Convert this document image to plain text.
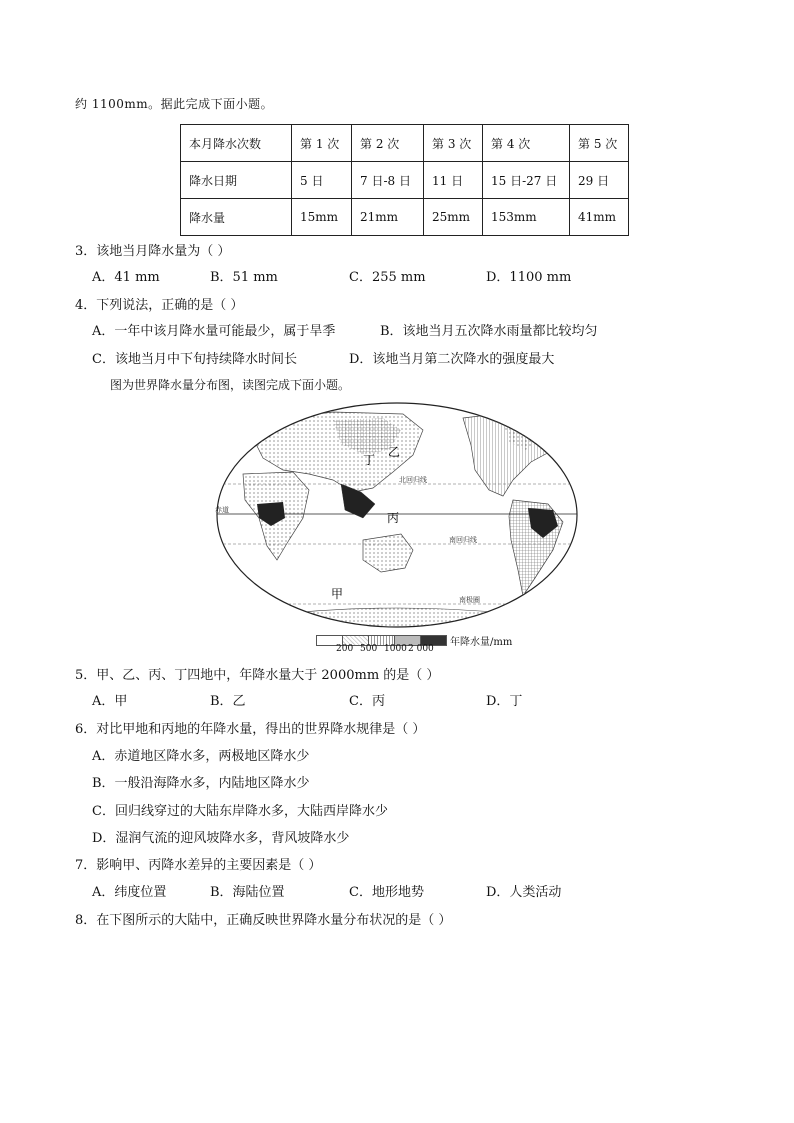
约 1100mm。据此完成下面小题。
本月降水次数	第 1 次	第 2 次	第 3 次	第 4 次	第 5 次
降水日期	5 日	7 日-8 日	11 日	15 日-27 日	29 日
降水量	15mm	21mm	25mm	153mm	41mm
3．该地当月降水量为（ ）
A．41 mm	B．51 mm	C．255 mm	D．1100 mm
4．下列说法，正确的是（ ）
A．一年中该月降水量可能最少，属于旱季	B．该地当月五次降水雨量都比较均匀
C．该地当月中下旬持续降水时间长	D．该地当月第二次降水的强度最大
图为世界降水量分布图，读图完成下面小题。
赤道
北回归线
南回归线
南极圈
甲
乙
丙
丁
年降水量/mm
200 500 1000 2 000
5．甲、乙、丙、丁四地中，年降水量大于 2000mm 的是（ ）
A．甲	B．乙	C．丙	D．丁
6．对比甲地和丙地的年降水量，得出的世界降水规律是（ ）
A．赤道地区降水多，两极地区降水少
B．一般沿海降水多，内陆地区降水少
C．回归线穿过的大陆东岸降水多，大陆西岸降水少
D．湿润气流的迎风坡降水多，背风坡降水少
7．影响甲、丙降水差异的主要因素是（ ）
A．纬度位置	B．海陆位置	C．地形地势	D．人类活动
8．在下图所示的大陆中，正确反映世界降水量分布状况的是（ ）
